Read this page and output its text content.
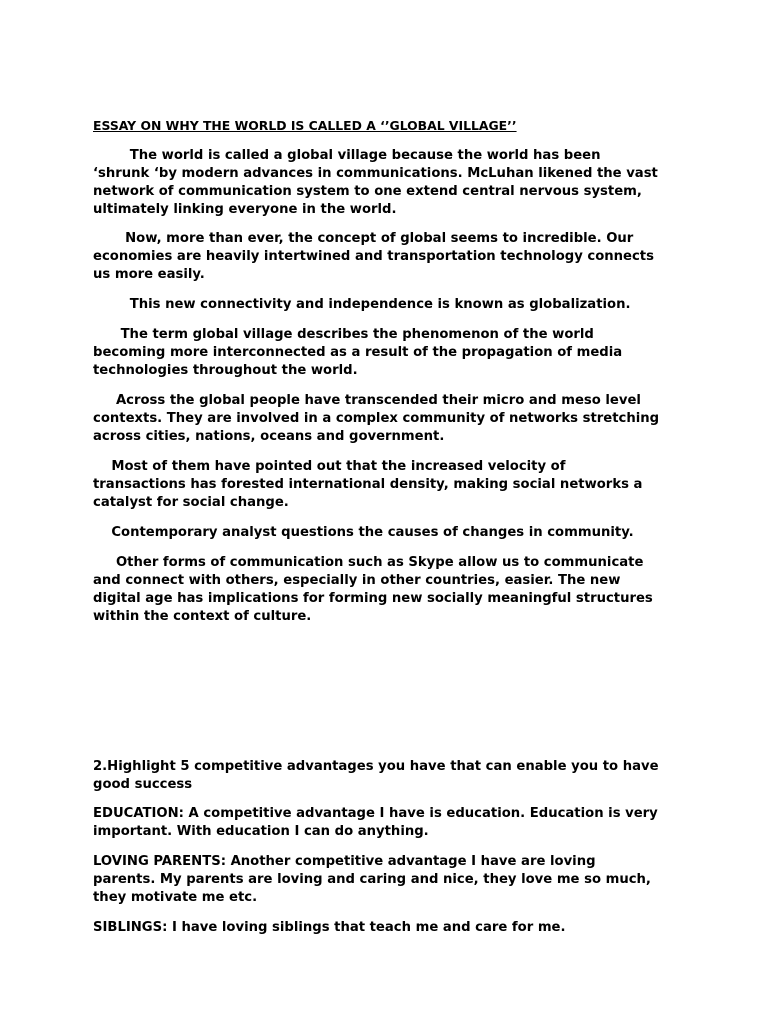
ESSAY ON WHY THE WORLD IS CALLED A ‘’GLOBAL VILLAGE’’

The world is called a global village because the world has been
‘shrunk ‘by modern advances in communications. McLuhan likened the vast
network of communication system to one extend central nervous system,
ultimately linking everyone in the world.

Now, more than ever, the concept of global seems to incredible. Our
economies are heavily intertwined and transportation technology connects
us more easily.

This new connectivity and independence is known as globalization.

The term global village describes the phenomenon of the world
becoming more interconnected as a result of the propagation of media
technologies throughout the world.

Across the global people have transcended their micro and meso level
contexts. They are involved in a complex community of networks stretching
across cities, nations, oceans and government.

Most of them have pointed out that the increased velocity of
transactions has forested international density, making social networks a
catalyst for social change.

Contemporary analyst questions the causes of changes in community.

Other forms of communication such as Skype allow us to communicate
and connect with others, especially in other countries, easier. The new
digital age has implications for forming new socially meaningful structures
within the context of culture.

2.Highlight 5 competitive advantages you have that can enable you to have
good success

EDUCATION: A competitive advantage I have is education. Education is very
important. With education I can do anything.

LOVING PARENTS: Another competitive advantage I have are loving
parents. My parents are loving and caring and nice, they love me so much,
they motivate me etc.

SIBLINGS: I have loving siblings that teach me and care for me.
